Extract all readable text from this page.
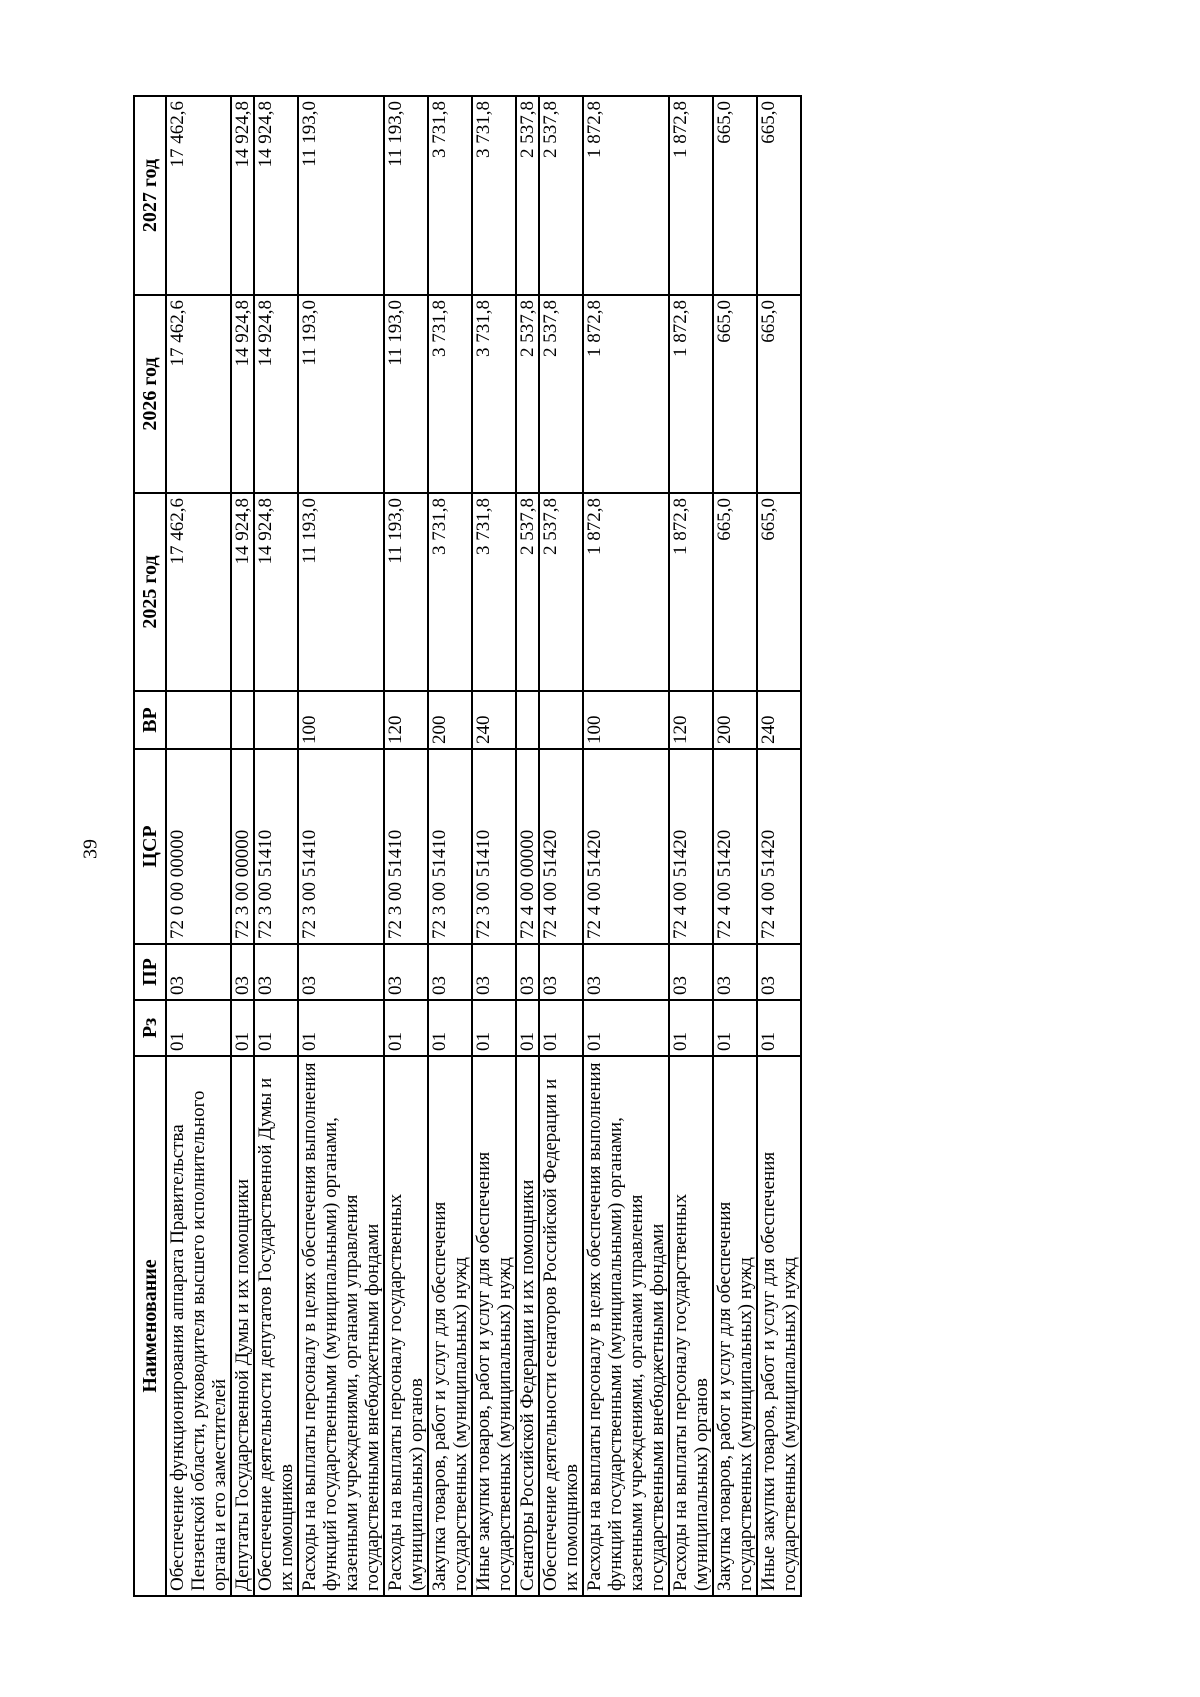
39
Наименование	Рз	ПР	ЦСР	ВР	2025 год	2026 год	2027 год
Обеспечение функционирования аппарата Правительства Пензенской области, руководителя высшего исполнительного органа и его заместителей	01	03	72 0 00 00000		17 462,6	17 462,6	17 462,6
Депутаты Государственной Думы и их помощники	01	03	72 3 00 00000		14 924,8	14 924,8	14 924,8
Обеспечение деятельности депутатов Государственной Думы и их помощников	01	03	72 3 00 51410		14 924,8	14 924,8	14 924,8
Расходы на выплаты персоналу в целях обеспечения выполнения функций государственными (муниципальными) органами, казенными учреждениями, органами управления государственными внебюджетными фондами	01	03	72 3 00 51410	100	11 193,0	11 193,0	11 193,0
Расходы на выплаты персоналу государственных (муниципальных) органов	01	03	72 3 00 51410	120	11 193,0	11 193,0	11 193,0
Закупка товаров, работ и услуг для обеспечения государственных (муниципальных) нужд	01	03	72 3 00 51410	200	3 731,8	3 731,8	3 731,8
Иные закупки товаров, работ и услуг для обеспечения государственных (муниципальных) нужд	01	03	72 3 00 51410	240	3 731,8	3 731,8	3 731,8
Сенаторы Российской Федерации и их помощники	01	03	72 4 00 00000		2 537,8	2 537,8	2 537,8
Обеспечение деятельности сенаторов Российской Федерации и их помощников	01	03	72 4 00 51420		2 537,8	2 537,8	2 537,8
Расходы на выплаты персоналу в целях обеспечения выполнения функций государственными (муниципальными) органами, казенными учреждениями, органами управления государственными внебюджетными фондами	01	03	72 4 00 51420	100	1 872,8	1 872,8	1 872,8
Расходы на выплаты персоналу государственных (муниципальных) органов	01	03	72 4 00 51420	120	1 872,8	1 872,8	1 872,8
Закупка товаров, работ и услуг для обеспечения государственных (муниципальных) нужд	01	03	72 4 00 51420	200	665,0	665,0	665,0
Иные закупки товаров, работ и услуг для обеспечения государственных (муниципальных) нужд	01	03	72 4 00 51420	240	665,0	665,0	665,0
